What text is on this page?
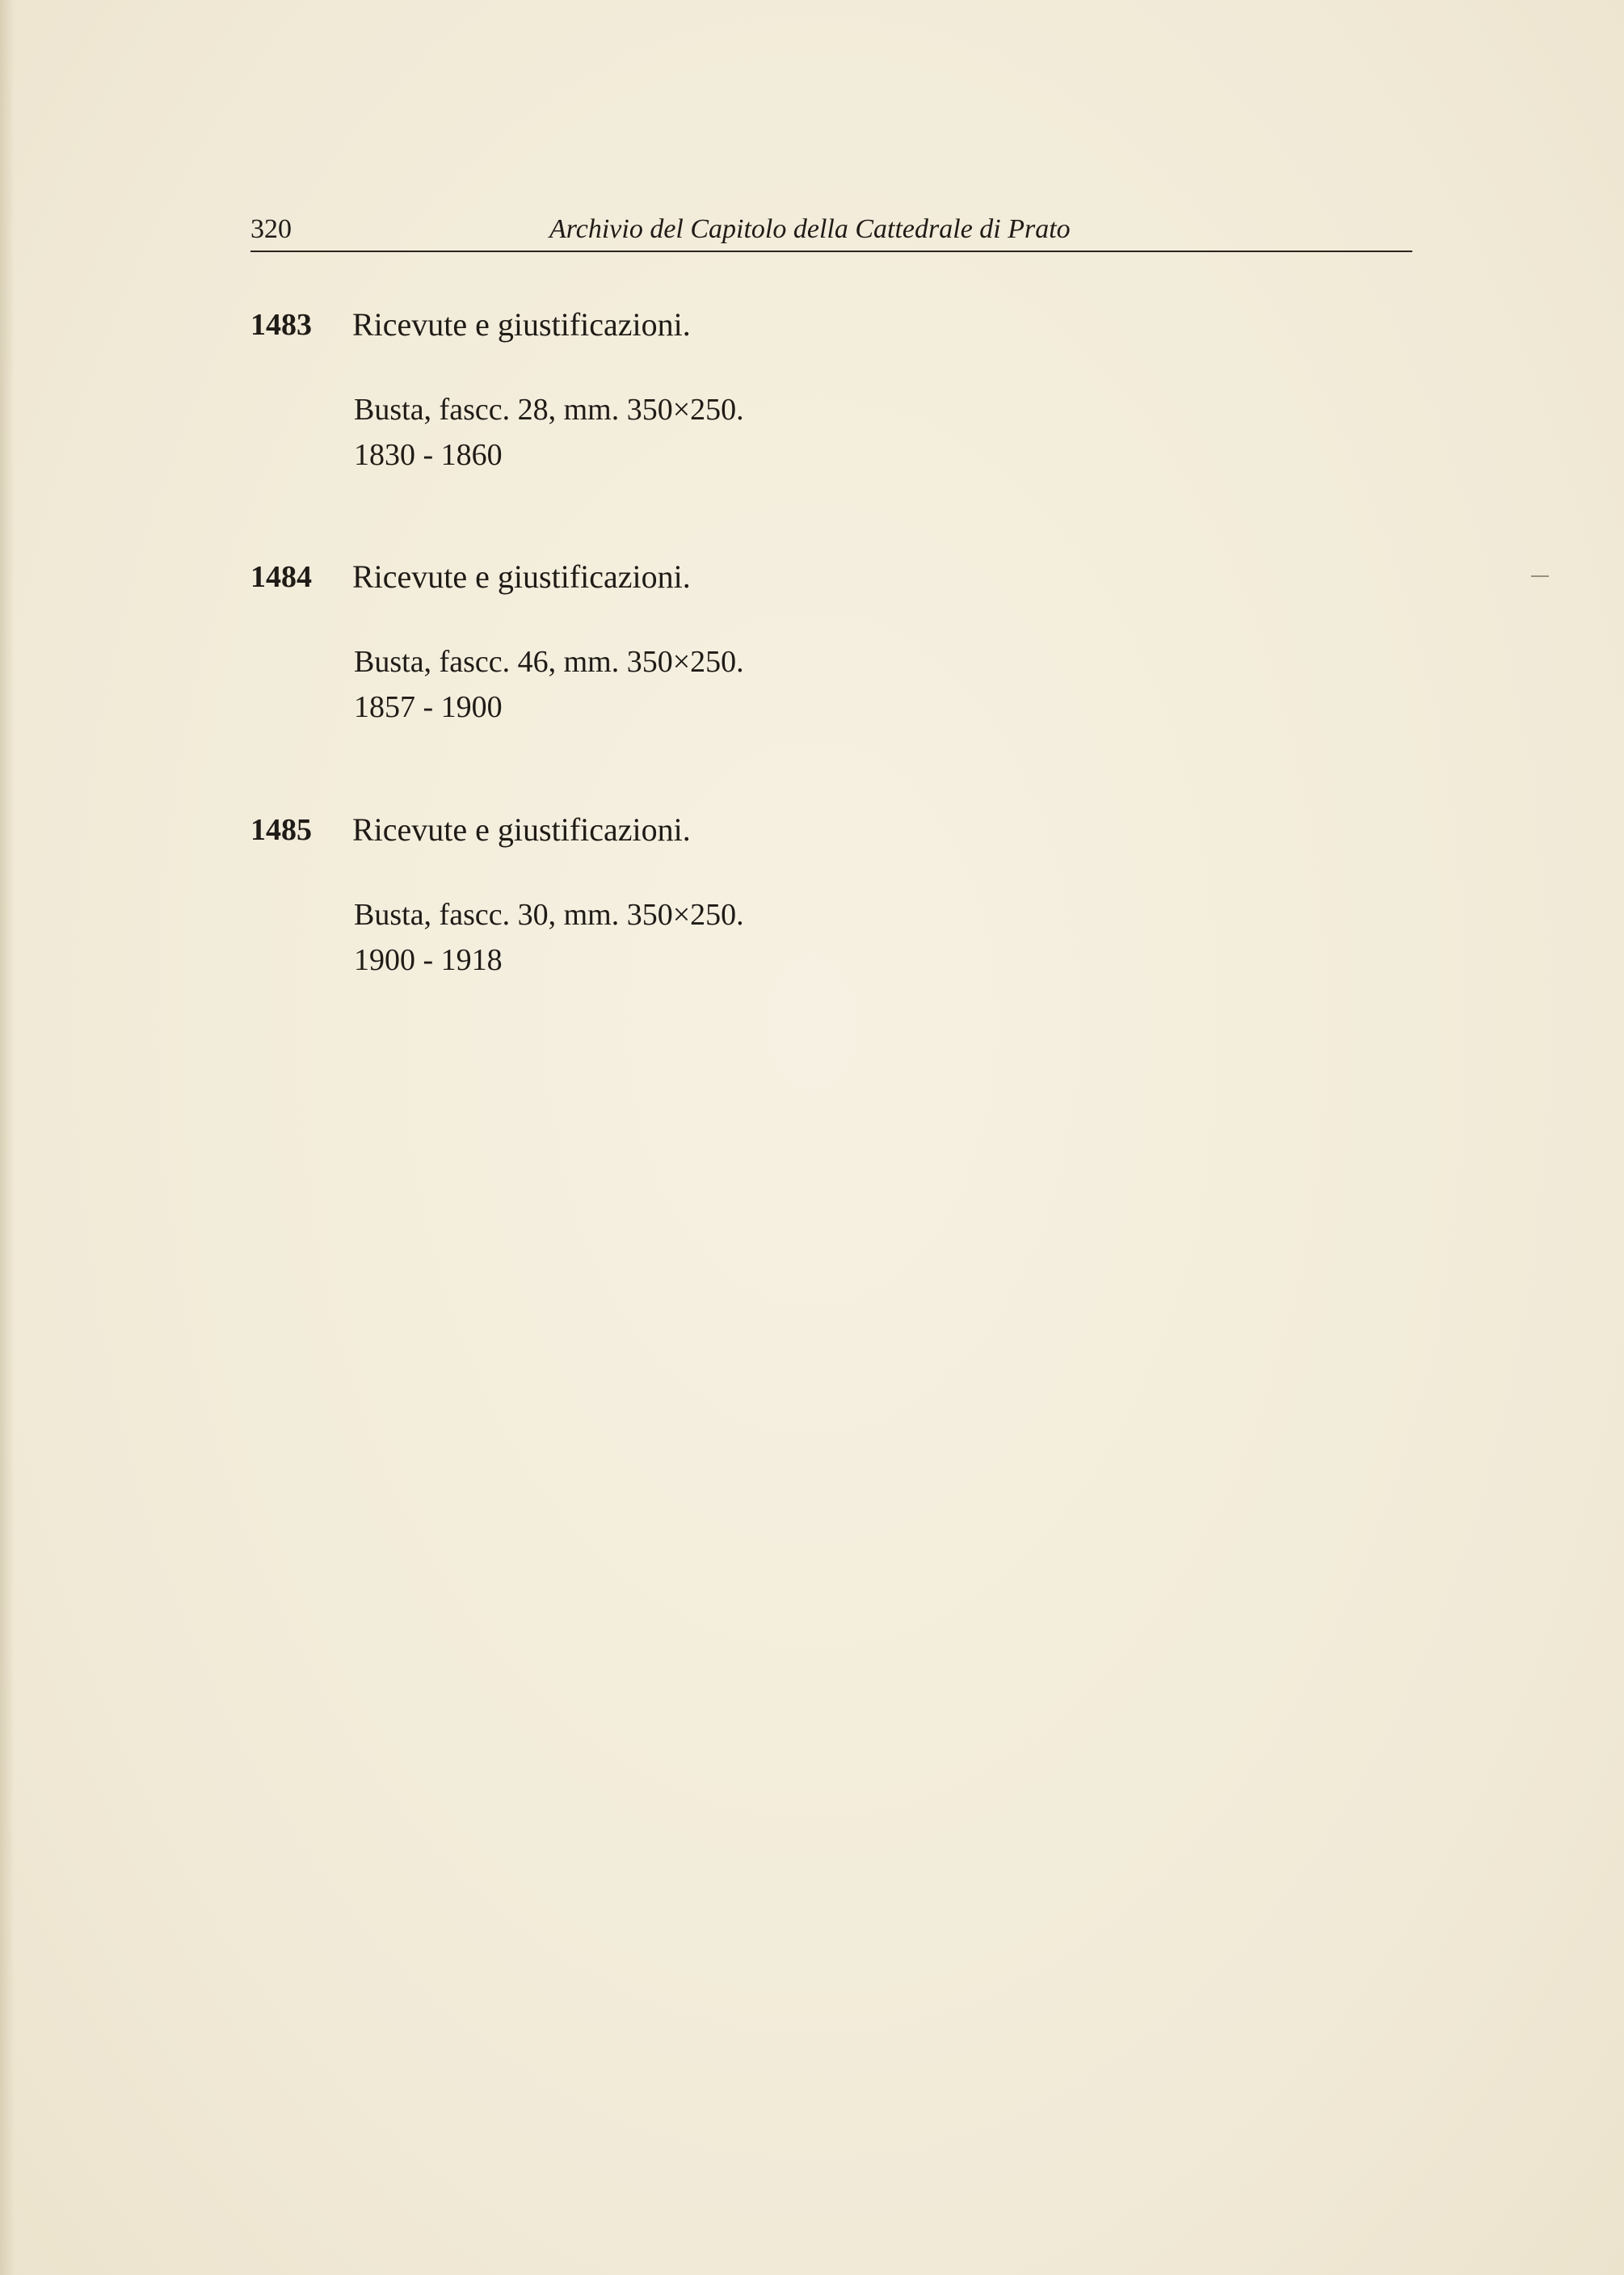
320	Archivio del Capitolo della Cattedrale di Prato
1483 Ricevute e giustificazioni.
Busta, fascc. 28, mm. 350×250.
1830 - 1860
1484 Ricevute e giustificazioni.
Busta, fascc. 46, mm. 350×250.
1857 - 1900
1485 Ricevute e giustificazioni.
Busta, fascc. 30, mm. 350×250.
1900 - 1918
